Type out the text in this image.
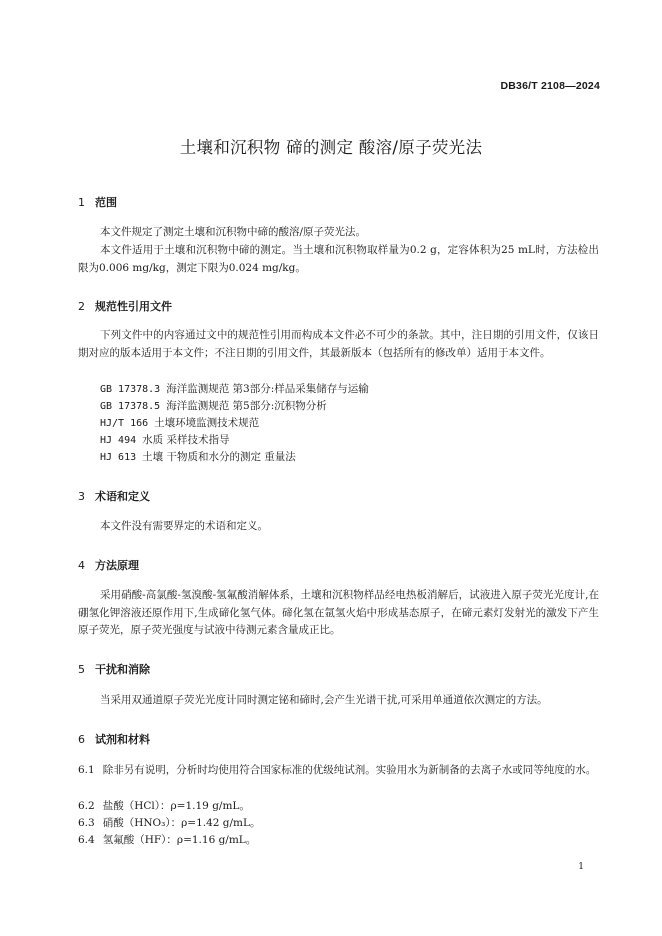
DB36/T 2108—2024
土壤和沉积物 碲的测定 酸溶/原子荧光法
1 范围

本文件规定了测定土壤和沉积物中碲的酸溶/原子荧光法。

本文件适用于土壤和沉积物中碲的测定。当土壤和沉积物取样量为0.2 g，定容体积为25 mL时，方法检出限为0.006 mg/kg，测定下限为0.024 mg/kg。

2 规范性引用文件

下列文件中的内容通过文中的规范性引用而构成本文件必不可少的条款。其中，注日期的引用文件，仅该日期对应的版本适用于本文件；不注日期的引用文件，其最新版本（包括所有的修改单）适用于本文件。

GB 17378.3 海洋监测规范 第3部分:样品采集储存与运输
GB 17378.5 海洋监测规范 第5部分:沉积物分析
HJ/T 166 土壤环境监测技术规范
HJ 494 水质 采样技术指导
HJ 613 土壤 干物质和水分的测定 重量法
3 术语和定义

本文件没有需要界定的术语和定义。

4 方法原理

采用硝酸-高氯酸-氢溴酸-氢氟酸消解体系，土壤和沉积物样品经电热板消解后，试液进入原子荧光光度计,在硼氢化钾溶液还原作用下,生成碲化氢气体。碲化氢在氩氢火焰中形成基态原子，在碲元素灯发射光的激发下产生原子荧光，原子荧光强度与试液中待测元素含量成正比。

5 干扰和消除

当采用双通道原子荧光光度计同时测定铋和碲时,会产生光谱干扰,可采用单通道依次测定的方法。

6 试剂和材料

6.1 除非另有说明，分析时均使用符合国家标准的优级纯试剂。实验用水为新制备的去离子水或同等纯度的水。

6.2 盐酸（HCl）：ρ=1.19 g/mL。

6.3 硝酸（HNO₃）：ρ=1.42 g/mL。

6.4 氢氟酸（HF）：ρ=1.16 g/mL。

1
